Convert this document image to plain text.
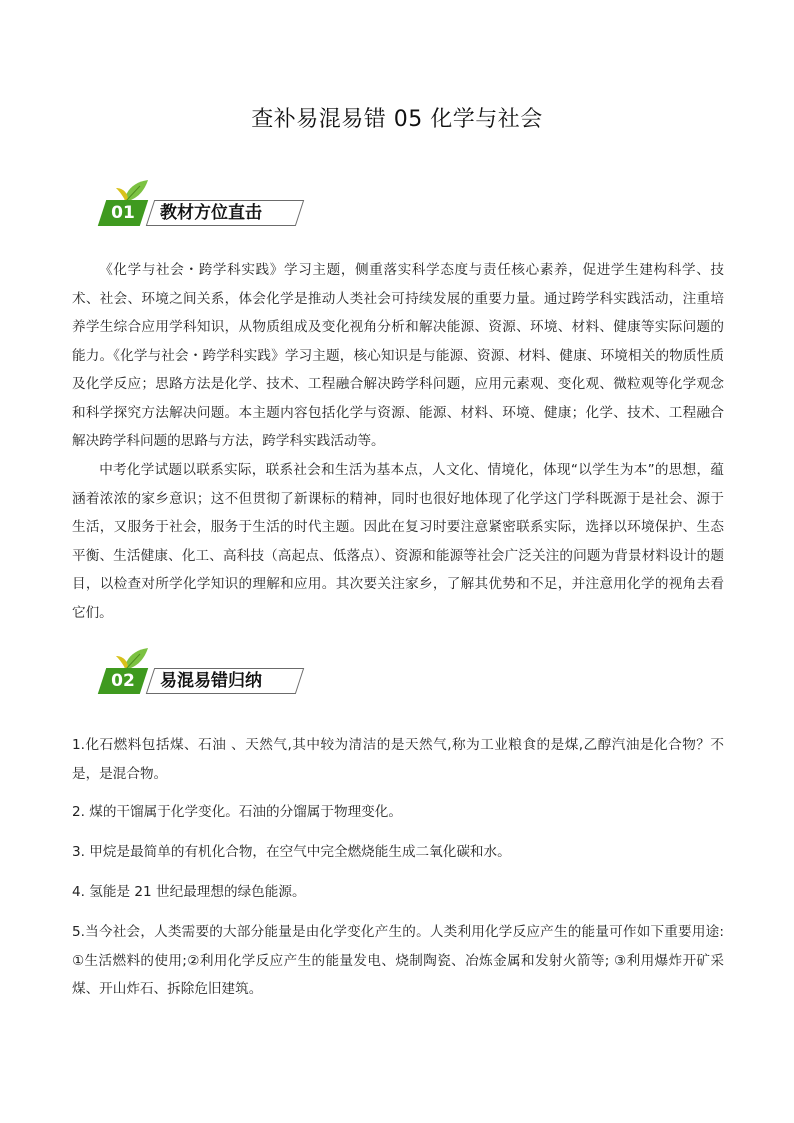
查补易混易错 05 化学与社会
01	教材方位直击

《化学与社会・跨学科实践》学习主题，侧重落实科学态度与责任核心素养，促进学生建构科学、技术、社会、环境之间关系，体会化学是推动人类社会可持续发展的重要力量。通过跨学科实践活动，注重培养学生综合应用学科知识，从物质组成及变化视角分析和解决能源、资源、环境、材料、健康等实际问题的能力。《化学与社会・跨学科实践》学习主题，核心知识是与能源、资源、材料、健康、环境相关的物质性质及化学反应；思路方法是化学、技术、工程融合解决跨学科问题，应用元素观、变化观、微粒观等化学观念和科学探究方法解决问题。本主题内容包括化学与资源、能源、材料、环境、健康；化学、技术、工程融合解决跨学科问题的思路与方法，跨学科实践活动等。

中考化学试题以联系实际，联系社会和生活为基本点，人文化、情境化，体现“以学生为本”的思想，蕴涵着浓浓的家乡意识；这不但贯彻了新课标的精神，同时也很好地体现了化学这门学科既源于是社会、源于生活，又服务于社会，服务于生活的时代主题。因此在复习时要注意紧密联系实际，选择以环境保护、生态平衡、生活健康、化工、高科技（高起点、低落点）、资源和能源等社会广泛关注的问题为背景材料设计的题目，以检查对所学化学知识的理解和应用。其次要关注家乡，了解其优势和不足，并注意用化学的视角去看它们。

02	易混易错归纳

1.化石燃料包括煤、石油 、天然气,其中较为清洁的是天然气,称为工业粮食的是煤,乙醇汽油是化合物？不是，是混合物。

2. 煤的干馏属于化学变化。石油的分馏属于物理变化。

3. 甲烷是最简单的有机化合物，在空气中完全燃烧能生成二氧化碳和水。

4. 氢能是 21 世纪最理想的绿色能源。

5.当今社会，人类需要的大部分能量是由化学变化产生的。人类利用化学反应产生的能量可作如下重要用途: ①生活燃料的使用;②利用化学反应产生的能量发电、烧制陶瓷、冶炼金属和发射火箭等; ③利用爆炸开矿采煤、开山炸石、拆除危旧建筑。
